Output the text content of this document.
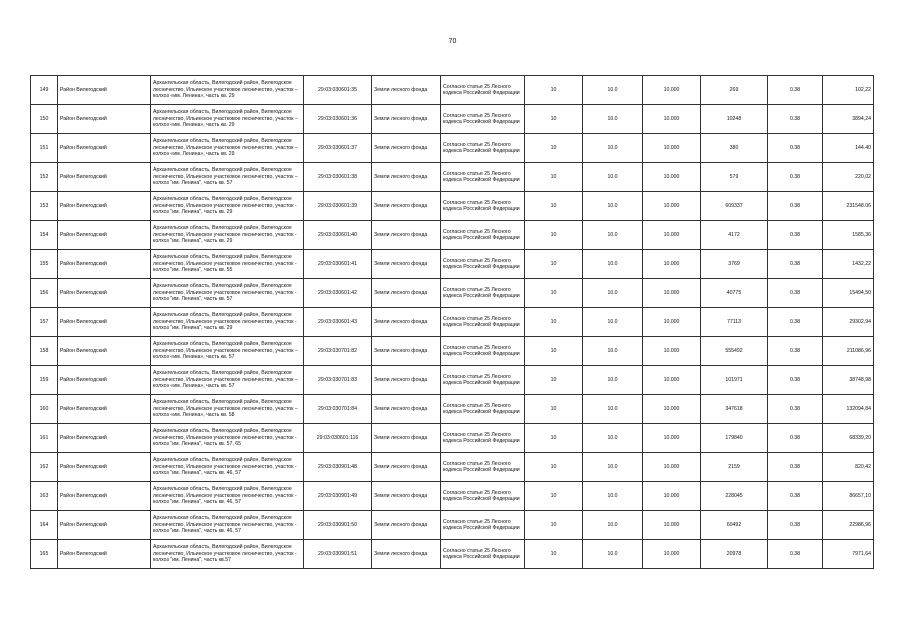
70
149	Район Вилегодский	Архангельская область, Вилегодский район, Вилегодское лесничество, Ильинское участковое лесничество, участок – колхоз «им. Ленина», часть кв. 29	29:03:030601:35	Земли лесного фонда	Согласно статье 25 Лесного кодекса Российской Федерации	10	10.0	10.000	269	0.38	102,22
150	Район Вилегодский	Архангельская область, Вилегодский район, Вилегодское лесничество, Ильинское участковое лесничество, участок – колхоз «им. Ленина», часть кв. 29	29:03:030601:36	Земли лесного фонда	Согласно статье 25 Лесного кодекса Российской Федерации	10	10.0	10.000	10248	0.38	3894,24
151	Район Вилегодский	Архангельская область, Вилегодский район, Вилегодское лесничество, Ильинское участковое лесничество, участок – колхоз «им. Ленина», часть кв. 29	29:03:030601:37	Земли лесного фонда	Согласно статье 25 Лесного кодекса Российской Федерации	10	10.0	10.000	380	0.38	144.40
152	Район Вилегодский	Архангельская область, Вилегодский район, Вилегодское лесничество, Ильинское участковое лесничество, участок – колхоз "им. Ленина", часть кв. 57	29:03:030601:38	Земли лесного фонда	Согласно статье 25 Лесного кодекса Российской Федерации	10	10.0	10.000	579	0.38	220,02
153	Район Вилегодский	Архангельская область, Вилегодский район, Вилегодское лесничество, Ильинское участковое лесничество, участок - колхоз "им. Ленина", часть кв. 29	29:03:030601:39	Земли лесного фонда	Согласно статье 25 Лесного кодекса Российской Федерации	10	10.0	10.000	609337	0.38	231548.06
154	Район Вилегодский	Архангельская область, Вилегодский район, Вилегодское лесничество, Ильинское участковое лесничество, участок - колхоз "им. Ленина", часть кв. 29	29:03:030601:40	Земли лесного фонда	Согласно статье 25 Лесного кодекса Российской Федерации	10	10.0	10.000	4172	0.38	1585,36
155	Район Вилегодский	Архангельская область, Вилегодский район, Вилегодское лесничество, Ильинское участковое лесничество, участок - колхоз "им. Ленина", часть кв. 55	29:03:030601:41	Земли лесного фонда	Согласно статье 25 Лесного кодекса Российской Федерации	10	10.0	10.000	3769	0.38	1432,22
156	Район Вилегодский	Архангельская область, Вилегодский район, Вилегодское лесничество, Ильинское участковое лесничество, участок - колхоз "им. Ленина", часть кв. 57	29:03:030601:42	Земли лесного фонда	Согласно статье 25 Лесного кодекса Российской Федерации	10	10.0	10.000	40775	0.38	15494,50
157	Район Вилегодский	Архангельская область, Вилегодский район, Вилегодское лесничество, Ильинское участковое лесничество, участок - колхоз "им. Ленина", часть кв. 29	29:03:030601:43	Земли лесного фонда	Согласно статье 25 Лесного кодекса Российской Федерации	10	10.0	10.000	77113	0.38	29302,94
158	Район Вилегодский	Архангельская область, Вилегодский район, Вилегодское лесничество, Ильинское участковое лесничество, участок – колхоз «им. Ленина», часть кв. 57	29:03:030701:82	Земли лесного фонда	Согласно статье 25 Лесного кодекса Российской Федерации	10	10.0	10.000	555492	0.38	211086,96
159	Район Вилегодский	Архангельская область, Вилегодский район, Вилегодское лесничество, Ильинское участковое лесничество, участок – колхоз «им. Ленина», часть кв. 57	29:03:030701:83	Земли лесного фонда	Согласно статье 25 Лесного кодекса Российской Федерации	10	10.0	10.000	101971	0.38	38748,98
160	Район Вилегодский	Архангельская область, Вилегодский район, Вилегодское лесничество, Ильинское участковое лесничество, участок – колхоз «им. Ленина», часть кв. 58	29:03:030701:84	Земли лесного фонда	Согласно статье 25 Лесного кодекса Российской Федерации	10	10.0	10.000	347618	0.38	132094,84
161	Район Вилегодский	Архангельская область, Вилегодский район, Вилегодское лесничество, Ильинское участковое лесничество, участок - колхоз "им. Ленина", часть кв. 57, 65	29:03:030601:116	Земли лесного фонда	Согласно статье 25 Лесного кодекса Российской Федерации	10	10.0	10.000	179840	0.38	68339,20
162	Район Вилегодский	Архангельская область, Вилегодский район, Вилегодское лесничество, Ильинское участковое лесничество, участок - колхоз "им. Ленина", часть кв. 46, 57	29:03:030901:48	Земли лесного фонда	Согласно статье 25 Лесного кодекса Российской Федерации	10	10.0	10.000	2159	0.38	820,42
163	Район Вилегодский	Архангельская область, Вилегодский район, Вилегодское лесничество, Ильинское участковое лесничество, участок - колхоз "им. Ленина", часть кв. 46, 57	29:03:030901:49	Земли лесного фонда	Согласно статье 25 Лесного кодекса Российской Федерации	10	10.0	10.000	228045	0.38	86657,10
164	Район Вилегодский	Архангельская область, Вилегодский район, Вилегодское лесничество, Ильинское участковое лесничество, участок - колхоз "им. Ленина", часть кв. 46, 57	29:03:030901:50	Земли лесного фонда	Согласно статье 25 Лесного кодекса Российской Федерации	10	10.0	10.000	60492	0.38	22986,96
165	Район Вилегодский	Архангельская область, Вилегодский район, Вилегодское лесничество, Ильинское участковое лесничество, участок - колхоз "им. Ленина", часть кв.57	29:03:030901:51	Земли лесного фонда	Согласно статье 25 Лесного кодекса Российской Федерации	10	10.0	10.000	20978	0.38	7971,64
